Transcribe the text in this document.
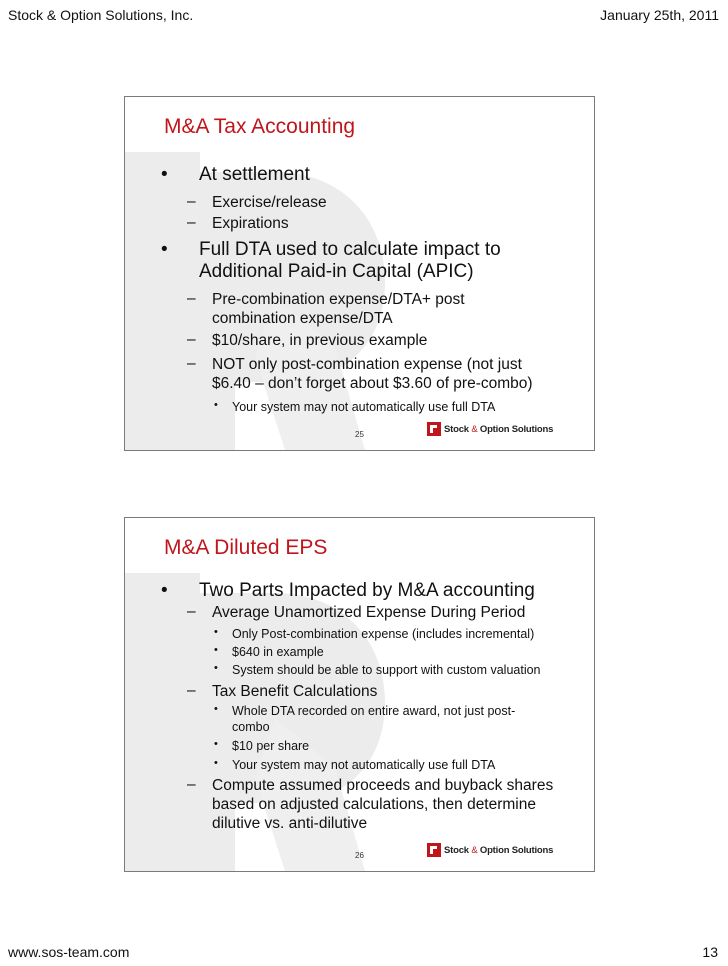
Stock & Option Solutions, Inc.	January 25th, 2011
M&A Tax Accounting
• At settlement
– Exercise/release
– Expirations
• Full DTA used to calculate impact to
Additional Paid-in Capital (APIC)
– Pre-combination expense/DTA+ post
combination expense/DTA
– $10/share, in previous example
– NOT only post-combination expense (not just
$6.40 – don’t forget about $3.60 of pre-combo)
• Your system may not automatically use full DTA
25	Stock & Option Solutions
M&A Diluted EPS
• Two Parts Impacted by M&A accounting
– Average Unamortized Expense During Period
• Only Post-combination expense (includes incremental)
• $640 in example
• System should be able to support with custom valuation
– Tax Benefit Calculations
• Whole DTA recorded on entire award, not just post-
combo
• $10 per share
• Your system may not automatically use full DTA
– Compute assumed proceeds and buyback shares
based on adjusted calculations, then determine
dilutive vs. anti-dilutive
26	Stock & Option Solutions
www.sos-team.com	13
